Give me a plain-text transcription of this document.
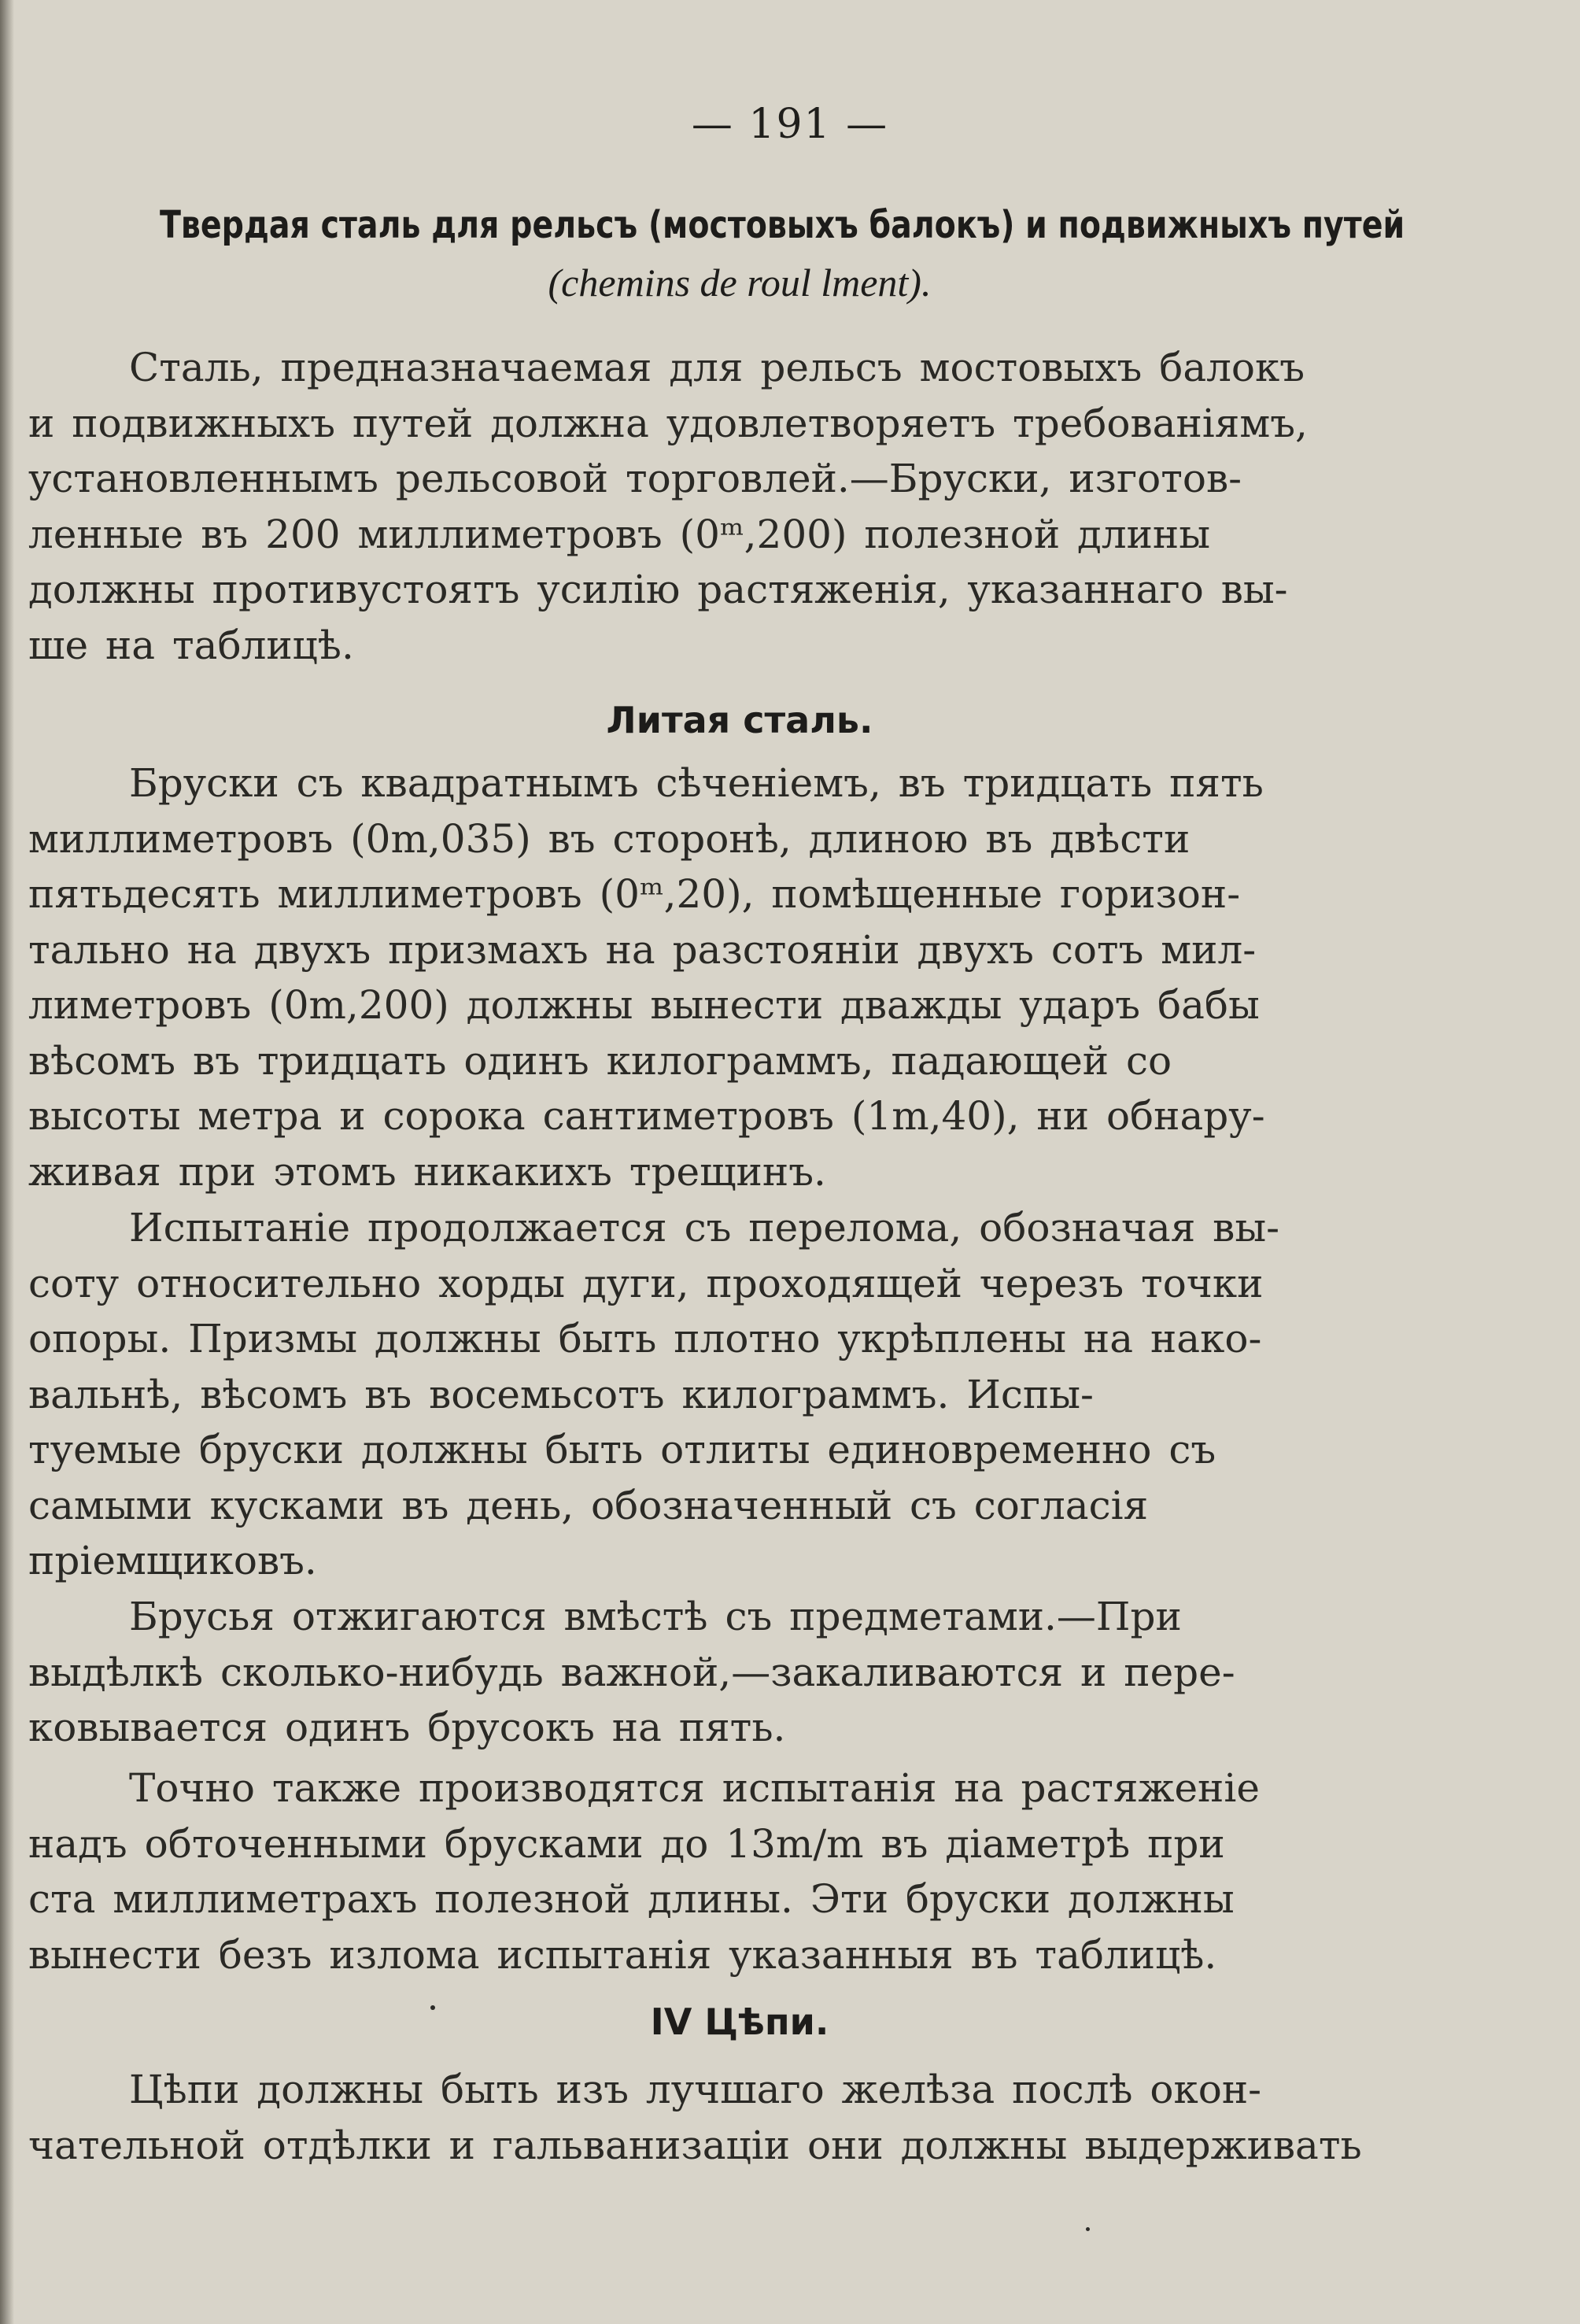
— 191 —
Твердая сталь для рельсъ (мостовыхъ балокъ) и подвижныхъ путей
(chemins de roul lment).
Сталь, предназначаемая для рельсъ мостовыхъ балокъ
и подвижныхъ путей должна удовлетворяетъ требованiямъ,
установленнымъ рельсовой торговлей.—Бруски, изготов-
ленные въ 200 миллиметровъ (0ᵐ,200) полезной длины
должны противустоятъ усилiю растяженiя, указаннаго вы-
ше на таблицѣ.
Литая сталь.
Бруски съ квадратнымъ сѣченiемъ, въ тридцать пять
миллиметровъ (0m,035) въ сторонѣ, длиною въ двѣсти
пятьдесять миллиметровъ (0ᵐ,20), помѣщенные горизон-
тально на двухъ призмахъ на разстоянiи двухъ сотъ мил-
лиметровъ (0m,200) должны вынести дважды ударъ бабы
вѣсомъ въ тридцать одинъ килограммъ, падающей со
высоты метра и сорока сантиметровъ (1m,40), ни обнару-
живая при этомъ никакихъ трещинъ.
Испытанiе продолжается съ перелома, обозначая вы-
соту относительно хорды дуги, проходящей черезъ точки
опоры. Призмы должны быть плотно укрѣплены на нако-
вальнѣ, вѣсомъ въ восемьсотъ килограммъ. Испы-
туемые бруски должны быть отлиты единовременно съ
самыми кусками въ день, обозначенный съ согласiя
прiемщиковъ.
Брусья отжигаются вмѣстѣ съ предметами.—При
выдѣлкѣ сколько-нибудь важной,—закаливаются и пере-
ковывается одинъ брусокъ на пять.
Точно также производятся испытанiя на растяженiе
надъ обточенными брусками до 13m/m въ дiаметрѣ при
ста миллиметрахъ полезной длины. Эти бруски должны
вынести безъ излома испытанiя указанныя въ таблицѣ.
IV Цѣпи.
Цѣпи должны быть изъ лучшаго желѣза послѣ окон-
чательной отдѣлки и гальванизацiи они должны выдерживать
